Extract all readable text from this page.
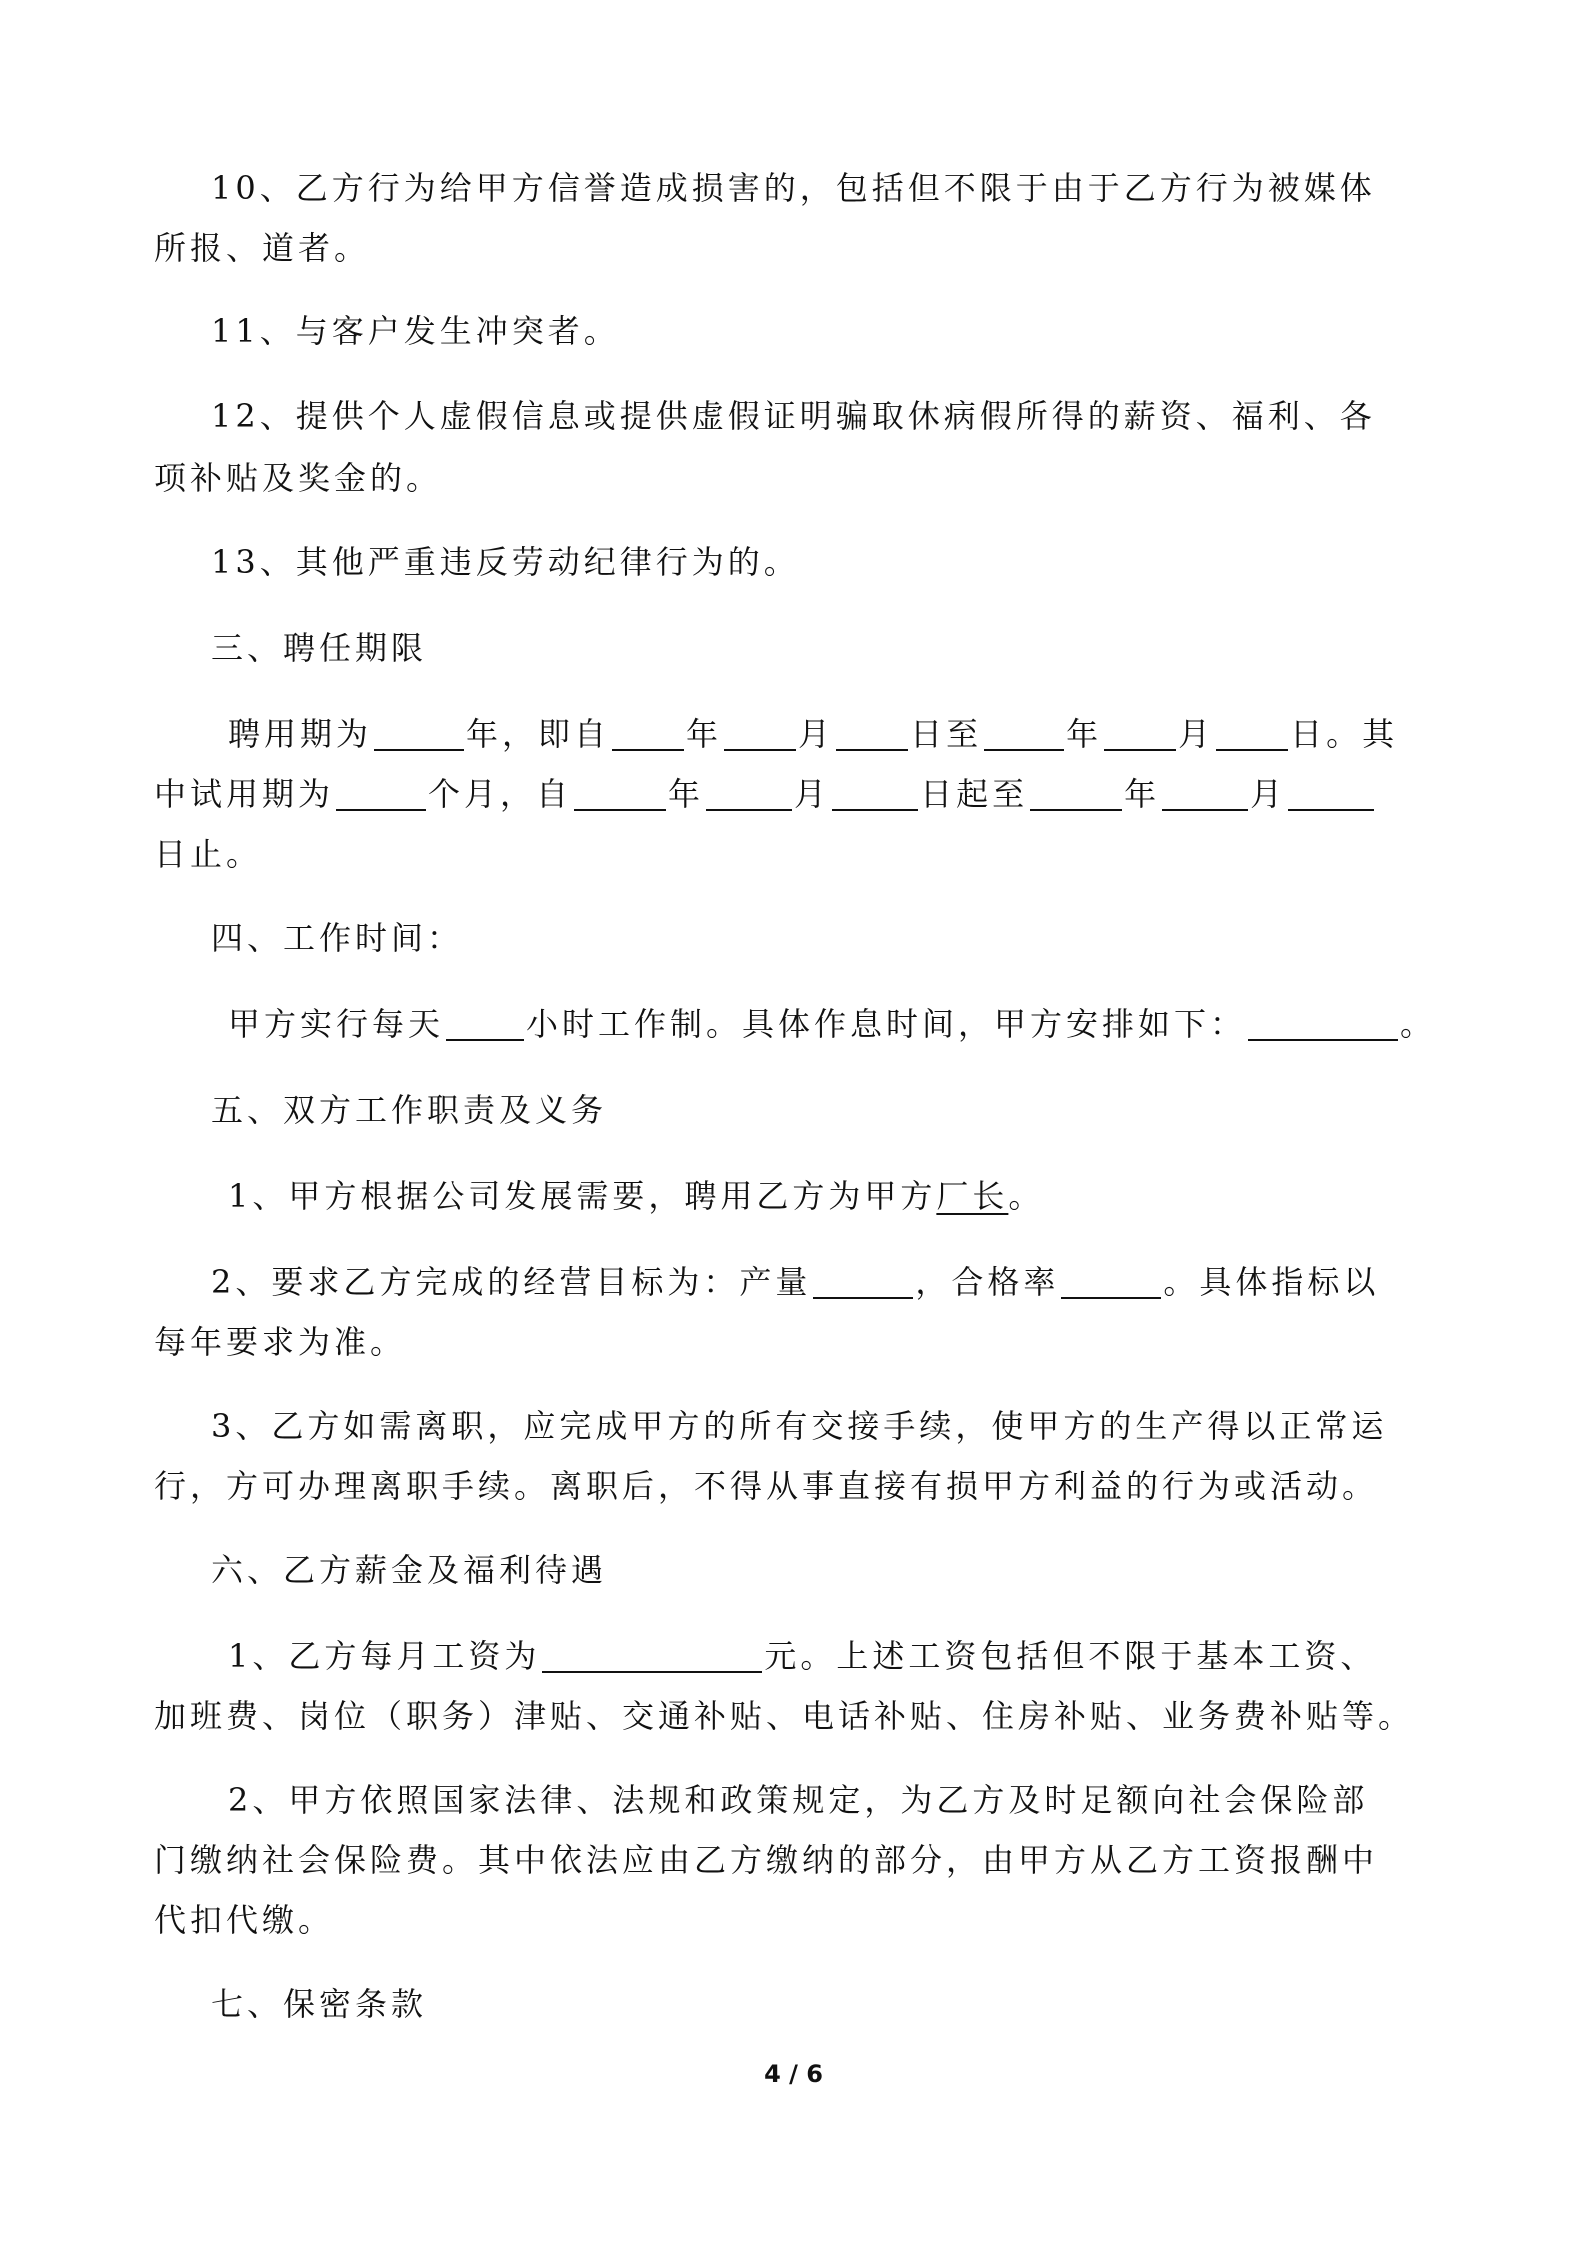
10、乙方行为给甲方信誉造成损害的，包括但不限于由于乙方行为被媒体
所报、道者。
11、与客户发生冲突者。
12、提供个人虚假信息或提供虚假证明骗取休病假所得的薪资、福利、各
项补贴及奖金的。
13、其他严重违反劳动纪律行为的。
三、聘任期限
聘用期为	年，即自 年 月 日至	年 月 日。其
中试用期为	个月，自	年	月	日起至	年	月
日止。
四、工作时间：
甲方实行每天	小时工作制。具体作息时间，甲方安排如下：	。
五、双方工作职责及义务
1、甲方根据公司发展需要，聘用乙方为甲方厂长。
2、要求乙方完成的经营目标为：产量	，合格率	。具体指标以
每年要求为准。
3、乙方如需离职，应完成甲方的所有交接手续，使甲方的生产得以正常运
行，方可办理离职手续。离职后，不得从事直接有损甲方利益的行为或活动。
六、乙方薪金及福利待遇
1、乙方每月工资为	元。上述工资包括但不限于基本工资、
加班费、岗位（职务）津贴、交通补贴、电话补贴、住房补贴、业务费补贴等。
2、甲方依照国家法律、法规和政策规定，为乙方及时足额向社会保险部
门缴纳社会保险费。其中依法应由乙方缴纳的部分，由甲方从乙方工资报酬中
代扣代缴。
七、保密条款
4 / 6
